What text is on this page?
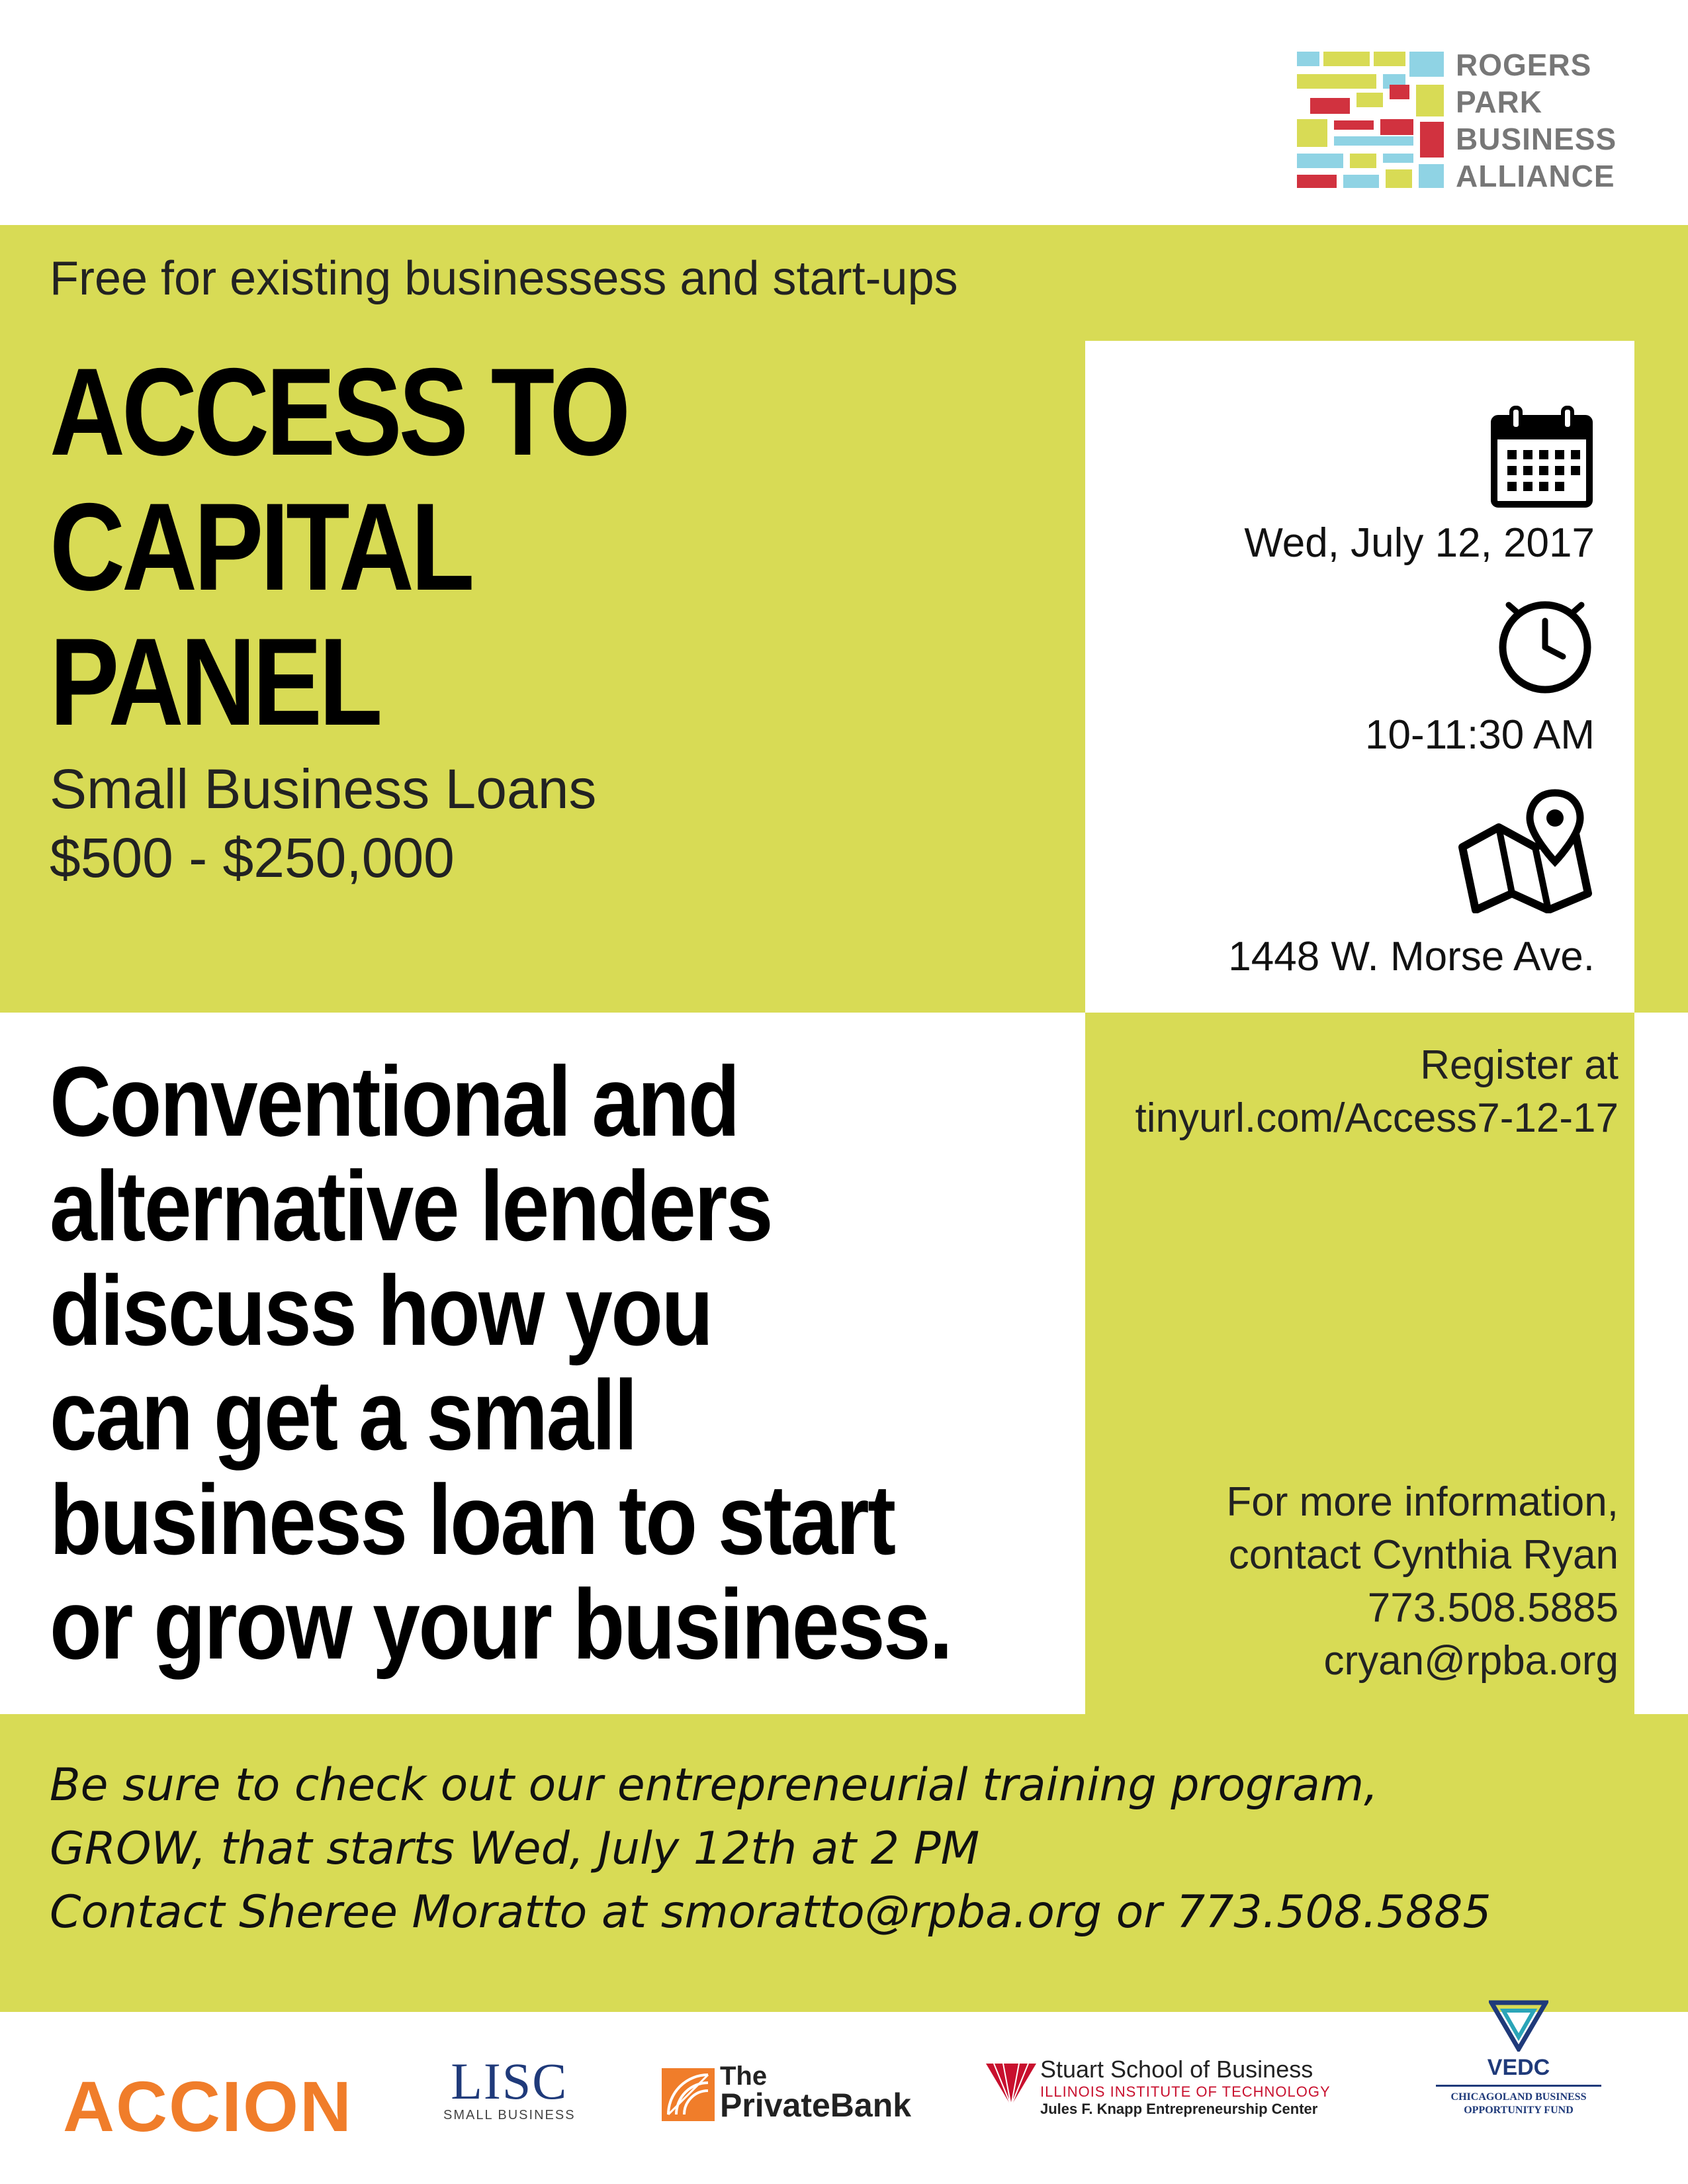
ROGERS
PARK
BUSINESS
ALLIANCE
Free for existing businessess and start-ups
ACCESS TO
CAPITAL
PANEL
Small Business Loans
$500 - $250,000
Wed, July 12, 2017
10-11:30 AM
1448 W. Morse Ave.
Conventional and
alternative lenders
discuss how you
can get a small
business loan to start
or grow your business.
Register at
tinyurl.com/Access7-12-17
For more information,
contact Cynthia Ryan
773.508.5885
cryan@rpba.org
Be sure to check out our entrepreneurial training program,
GROW, that starts Wed, July 12th at 2 PM
Contact Sheree Moratto at smoratto@rpba.org or 773.508.5885
ACCION LISC
SMALL BUSINESS
The
PrivateBank
Stuart School of Business
ILLINOIS INSTITUTE OF TECHNOLOGY
Jules F. Knapp Entrepreneurship Center
VEDC
CHICAGOLAND BUSINESS
OPPORTUNITY FUND
